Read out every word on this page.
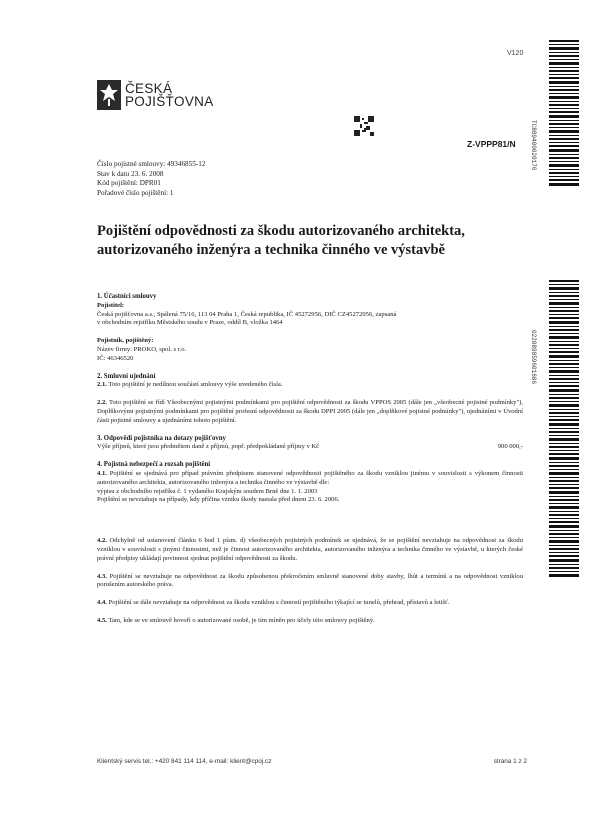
V120
ČESKÁ
POJIŠŤOVNA
Z-VPPP81/N TC889400020176
022089059601686
Číslo pojistné smlouvy: 49346855-12
Stav k datu 23. 6. 2008
Kód pojištění: DPR01
Pořadové číslo pojištění: 1
Pojištění odpovědnosti za škodu autorizovaného architekta, autorizovaného inženýra a technika činného ve výstavbě
1. Účastníci smlouvy
Pojistitel:
Česká pojišťovna a.s., Spálená 75/16, 113 04 Praha 1, Česká republika, IČ 45272956, DIČ CZ45272956, zapsaná
v obchodním rejstříku Městského soudu v Praze, oddíl B, vložka 1464
Pojistník, pojištěný:
Název firmy: PROKO, spol. s r.o.
IČ: 46346520
2. Smluvní ujednání
2.1. Toto pojištění je nedílnou součástí smlouvy výše uvedeného čísla.
2.2. Toto pojištění se řídí Všeobecnými pojistnými podmínkami pro pojištění odpovědnosti za škodu VPPOS 2005 (dále jen „všeobecné pojistné podmínky"), Doplňkovými pojistnými podmínkami pro pojištění profesní odpovědnosti za škodu DPPI 2005 (dále jen „doplňkové pojistné podmínky"), ujednáními v Úvodní části pojistné smlouvy a ujednáními tohoto pojištění.
3. Odpovědi pojistníka na dotazy pojišťovny
Výše příjmů, které jsou předmětem daně z příjmů, popř. předpokládané příjmy v Kč	900 000,-
4. Pojistná nebezpečí a rozsah pojištění
4.1. Pojištění se sjednává pro případ právním předpisem stanovené odpovědnosti pojištěného za škodu vzniklou jinému v souvislosti s výkonem činnosti autorizovaného architekta, autorizovaného inženýra a technika činného ve výstavbě dle:
výpisu z obchodního rejstříku č. 1 vydaného Krajským soudem Brně dne 1. 1. 2003
Pojištění se nevztahuje na případy, kdy příčina vzniku škody nastala před dnem 23. 6. 2006.
4.2. Odchylně od ustanovení článku 6 bod 1 písm. d) všeobecných pojistných podmínek se ujednává, že se pojištění nevztahuje na odpovědnost za škodu vzniklou v souvislosti s jinými činnostmi, než je činnost autorizovaného architekta, autorizovaného inženýra a technika činného ve výstavbě, u kterých české právní předpisy ukládají povinnost sjednat pojištění odpovědnosti za škodu.
4.3. Pojištění se nevztahuje na odpovědnost za škodu způsobenou překročením smluvně stanovené doby stavby, lhůt a termínů a na odpovědnost vzniklou porušením autorského práva.
4.4. Pojištění se dále nevztahuje na odpovědnost za škodu vzniklou s činností pojištěného týkající se tunelů, přehrad, přístavů a letišť.
4.5. Tam, kde se ve smlouvě hovoří o autorizované osobě, je tím míněn pro účely této smlouvy pojištěný.
Klientský servis tel.: +420 841 114 114, e-mail: klient@cpoj.cz	strana 1 z 2
